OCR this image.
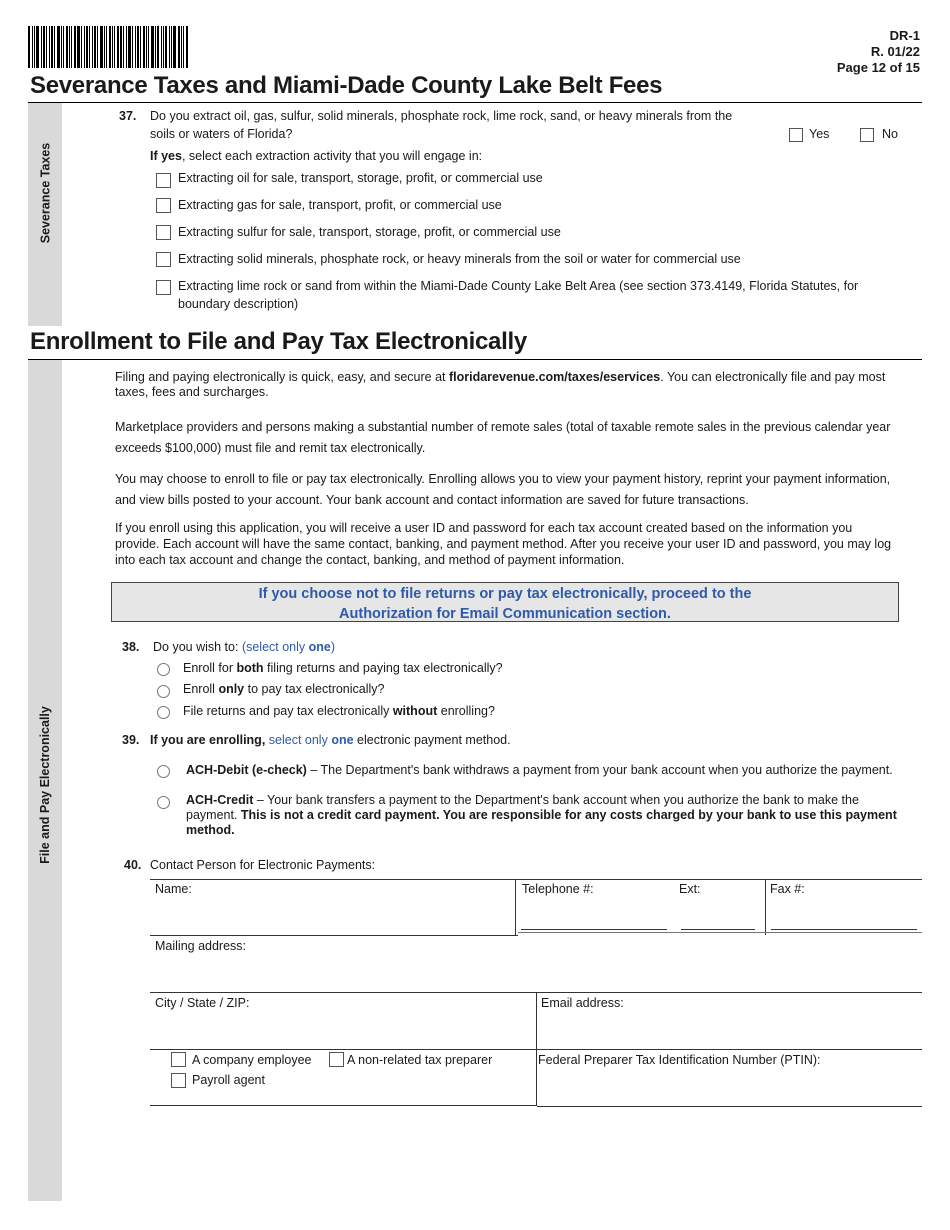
DR-1
R. 01/22
Page 12 of 15
Severance Taxes and Miami-Dade County Lake Belt Fees
Severance Taxes
37. Do you extract oil, gas, sulfur, solid minerals, phosphate rock, lime rock, sand, or heavy minerals from the
soils or waters of Florida?	Yes	No
If yes, select each extraction activity that you will engage in:
Extracting oil for sale, transport, storage, profit, or commercial use
Extracting gas for sale, transport, profit, or commercial use
Extracting sulfur for sale, transport, storage, profit, or commercial use
Extracting solid minerals, phosphate rock, or heavy minerals from the soil or water for commercial use
Extracting lime rock or sand from within the Miami-Dade County Lake Belt Area (see section 373.4149, Florida Statutes, for
boundary description)
Enrollment to File and Pay Tax Electronically
File and Pay Electronically
Filing and paying electronically is quick, easy, and secure at floridarevenue.com/taxes/eservices. You can electronically file and pay most
taxes, fees and surcharges.
Marketplace providers and persons making a substantial number of remote sales (total of taxable remote sales in the previous calendar year
exceeds $100,000) must file and remit tax electronically.
You may choose to enroll to file or pay tax electronically. Enrolling allows you to view your payment history, reprint your payment information,
and view bills posted to your account. Your bank account and contact information are saved for future transactions.
If you enroll using this application, you will receive a user ID and password for each tax account created based on the information you
provide. Each account will have the same contact, banking, and payment method. After you receive your user ID and password, you may log
into each tax account and change the contact, banking, and method of payment information.
If you choose not to file returns or pay tax electronically, proceed to the
Authorization for Email Communication section.
38. Do you wish to: (select only one)
Enroll for both filing returns and paying tax electronically?
Enroll only to pay tax electronically?
File returns and pay tax electronically without enrolling?
39. If you are enrolling, select only one electronic payment method.
ACH-Debit (e-check) – The Department's bank withdraws a payment from your bank account when you authorize the payment.
ACH-Credit – Your bank transfers a payment to the Department's bank account when you authorize the bank to make the
payment. This is not a credit card payment. You are responsible for any costs charged by your bank to use this payment
method.
40. Contact Person for Electronic Payments:
Name:	Telephone #:	Ext:	Fax #:
Mailing address:
City / State / ZIP:	Email address:
A company employee	A non-related tax preparer
Payroll agent
Federal Preparer Tax Identification Number (PTIN):
